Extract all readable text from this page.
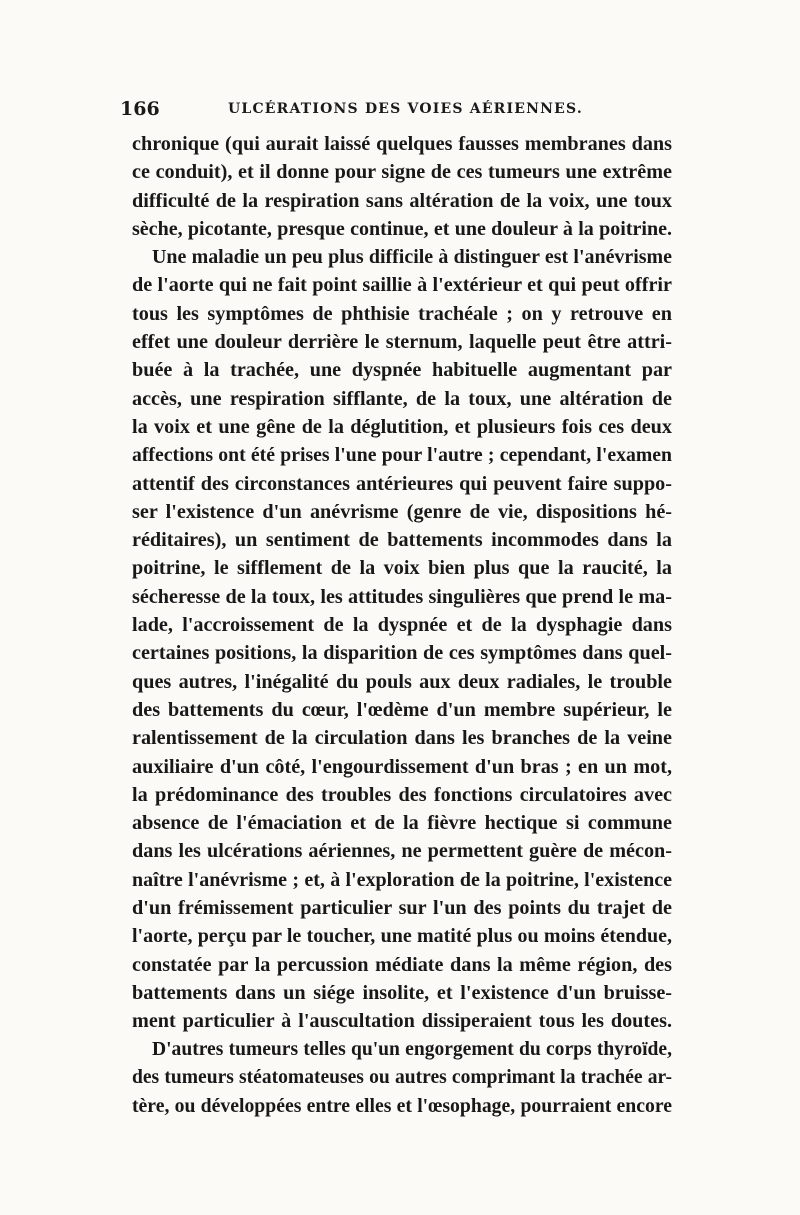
166	ULCÉRATIONS DES VOIES AÉRIENNES.

chronique (qui aurait laissé quelques fausses membranes dans
ce conduit), et il donne pour signe de ces tumeurs une extrême
difficulté de la respiration sans altération de la voix, une toux
sèche, picotante, presque continue, et une douleur à la poitrine.

Une maladie un peu plus difficile à distinguer est l'anévrisme
de l'aorte qui ne fait point saillie à l'extérieur et qui peut offrir
tous les symptômes de phthisie trachéale ; on y retrouve en
effet une douleur derrière le sternum, laquelle peut être attri-
buée à la trachée, une dyspnée habituelle augmentant par
accès, une respiration sifflante, de la toux, une altération de
la voix et une gêne de la déglutition, et plusieurs fois ces deux
affections ont été prises l'une pour l'autre ; cependant, l'examen
attentif des circonstances antérieures qui peuvent faire suppo-
ser l'existence d'un anévrisme (genre de vie, dispositions hé-
réditaires), un sentiment de battements incommodes dans la
poitrine, le sifflement de la voix bien plus que la raucité, la
sécheresse de la toux, les attitudes singulières que prend le ma-
lade, l'accroissement de la dyspnée et de la dysphagie dans
certaines positions, la disparition de ces symptômes dans quel-
ques autres, l'inégalité du pouls aux deux radiales, le trouble
des battements du cœur, l'œdème d'un membre supérieur, le
ralentissement de la circulation dans les branches de la veine
auxiliaire d'un côté, l'engourdissement d'un bras ; en un mot,
la prédominance des troubles des fonctions circulatoires avec
absence de l'émaciation et de la fièvre hectique si commune
dans les ulcérations aériennes, ne permettent guère de mécon-
naître l'anévrisme ; et, à l'exploration de la poitrine, l'existence
d'un frémissement particulier sur l'un des points du trajet de
l'aorte, perçu par le toucher, une matité plus ou moins étendue,
constatée par la percussion médiate dans la même région, des
battements dans un siége insolite, et l'existence d'un bruisse-
ment particulier à l'auscultation dissiperaient tous les doutes.

D'autres tumeurs telles qu'un engorgement du corps thyroïde,
des tumeurs stéatomateuses ou autres comprimant la trachée ar-
tère, ou développées entre elles et l'œsophage, pourraient encore
